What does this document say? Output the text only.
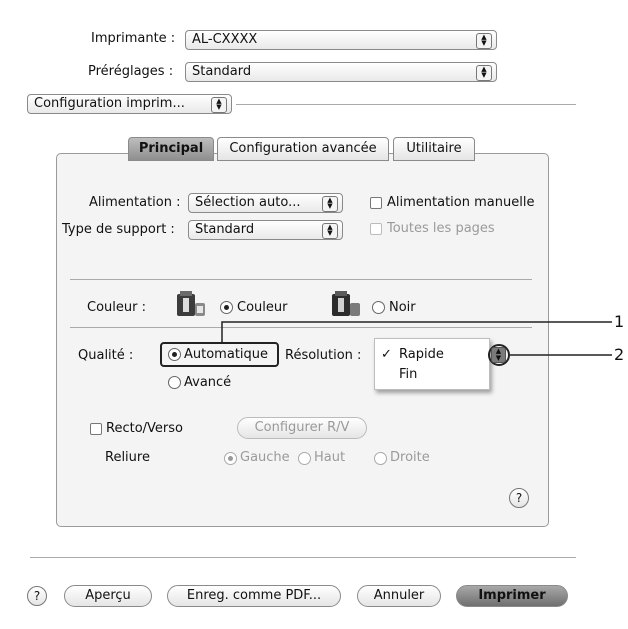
Imprimante :	AL-CXXXX	▲
▼
Préréglages :	Standard	▲
▼
Configuration imprim...	▲
▼
Principal	Configuration avancée	Utilitaire
Alimentation :	Sélection auto...	▲
▼	Alimentation manuelle
Type de support :	Standard	▲
▼	Toutes les pages
Couleur :	Couleur	Noir
Qualité :	Automatique
Avancé
Résolution : ✓ Rapide
Fin
▲
▼
Recto/Verso	Configurer R/V
Reliure	Gauche Haut	Droite
?
?	Aperçu	Enreg. comme PDF...	Annuler	Imprimer
1
2
